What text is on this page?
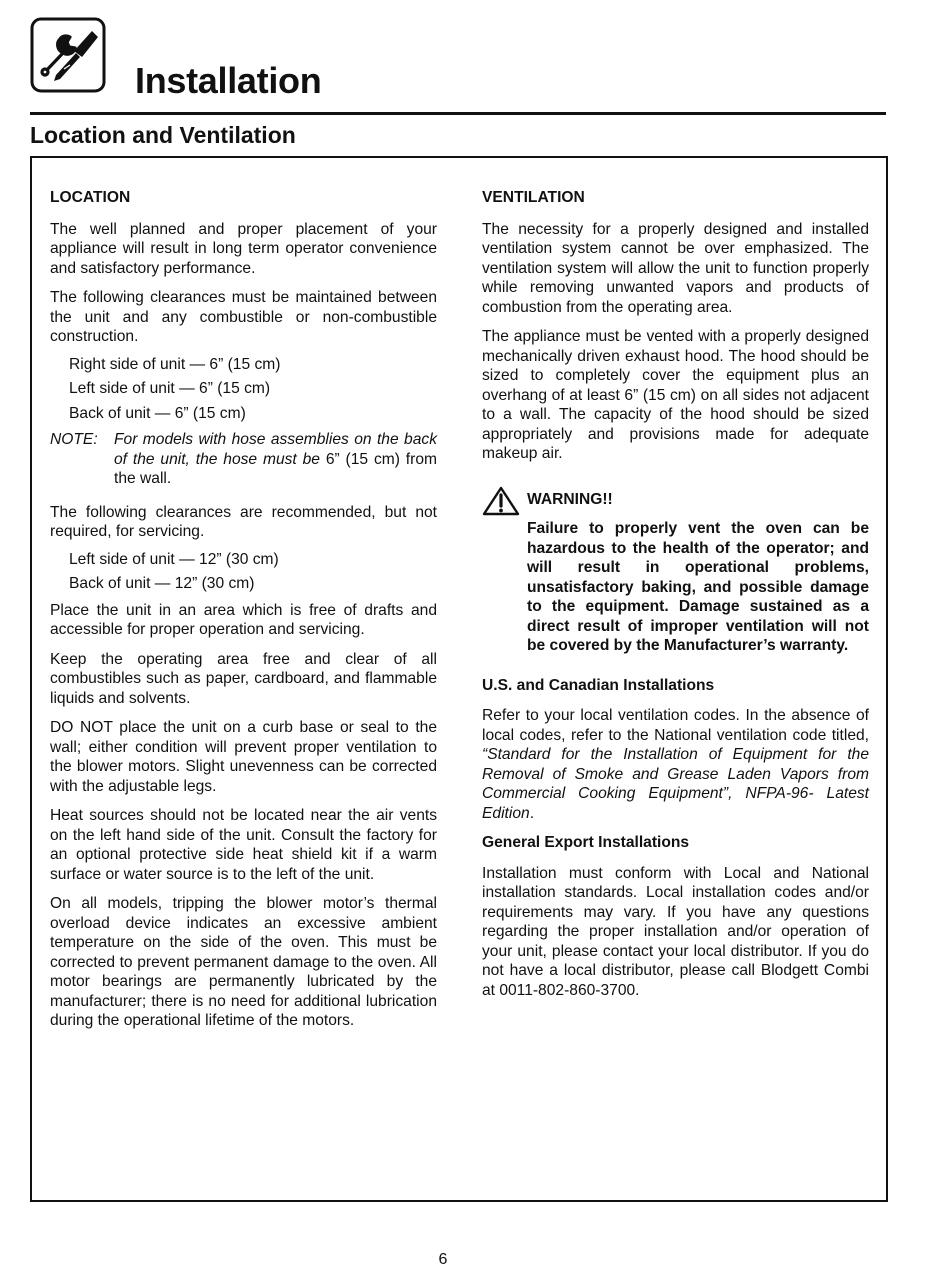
Installation
Location and Ventilation
LOCATION

The well planned and proper placement of your appliance will result in long term operator convenience and satisfactory performance.

The following clearances must be maintained between the unit and any combustible or non-combustible construction.

Right side of unit — 6” (15 cm)
Left side of unit — 6” (15 cm)
Back of unit — 6” (15 cm)
NOTE:	For models with hose assemblies on the back of the unit, the hose must be 6” (15 cm) from the wall.

The following clearances are recommended, but not required, for servicing.

Left side of unit — 12” (30 cm)
Back of unit — 12” (30 cm)

Place the unit in an area which is free of drafts and accessible for proper operation and servicing.

Keep the operating area free and clear of all combustibles such as paper, cardboard, and flammable liquids and solvents.

DO NOT place the unit on a curb base or seal to the wall; either condition will prevent proper ventilation to the blower motors. Slight unevenness can be corrected with the adjustable legs.

Heat sources should not be located near the air vents on the left hand side of the unit. Consult the factory for an optional protective side heat shield kit if a warm surface or water source is to the left of the unit.

On all models, tripping the blower motor’s thermal overload device indicates an excessive ambient temperature on the side of the oven. This must be corrected to prevent permanent damage to the oven. All motor bearings are permanently lubricated by the manufacturer; there is no need for additional lubrication during the operational lifetime of the motors.

VENTILATION

The necessity for a properly designed and installed ventilation system cannot be over emphasized. The ventilation system will allow the unit to function properly while removing unwanted vapors and products of combustion from the operating area.

The appliance must be vented with a properly designed mechanically driven exhaust hood. The hood should be sized to completely cover the equipment plus an overhang of at least 6” (15 cm) on all sides not adjacent to a wall. The capacity of the hood should be sized appropriately and provisions made for adequate makeup air.

WARNING!!

Failure to properly vent the oven can be hazardous to the health of the operator; and will result in operational problems, unsatisfactory baking, and possible damage to the equipment. Damage sustained as a direct result of improper ventilation will not be covered by the Manufacturer’s warranty.

U.S. and Canadian Installations

Refer to your local ventilation codes. In the absence of local codes, refer to the National ventilation code titled, “Standard for the Installation of Equipment for the Removal of Smoke and Grease Laden Vapors from Commercial Cooking Equipment”, NFPA-96- Latest Edition.

General Export Installations

Installation must conform with Local and National installation standards. Local installation codes and/or requirements may vary. If you have any questions regarding the proper installation and/or operation of your unit, please contact your local distributor. If you do not have a local distributor, please call Blodgett Combi at 0011-802-860-3700.

6
